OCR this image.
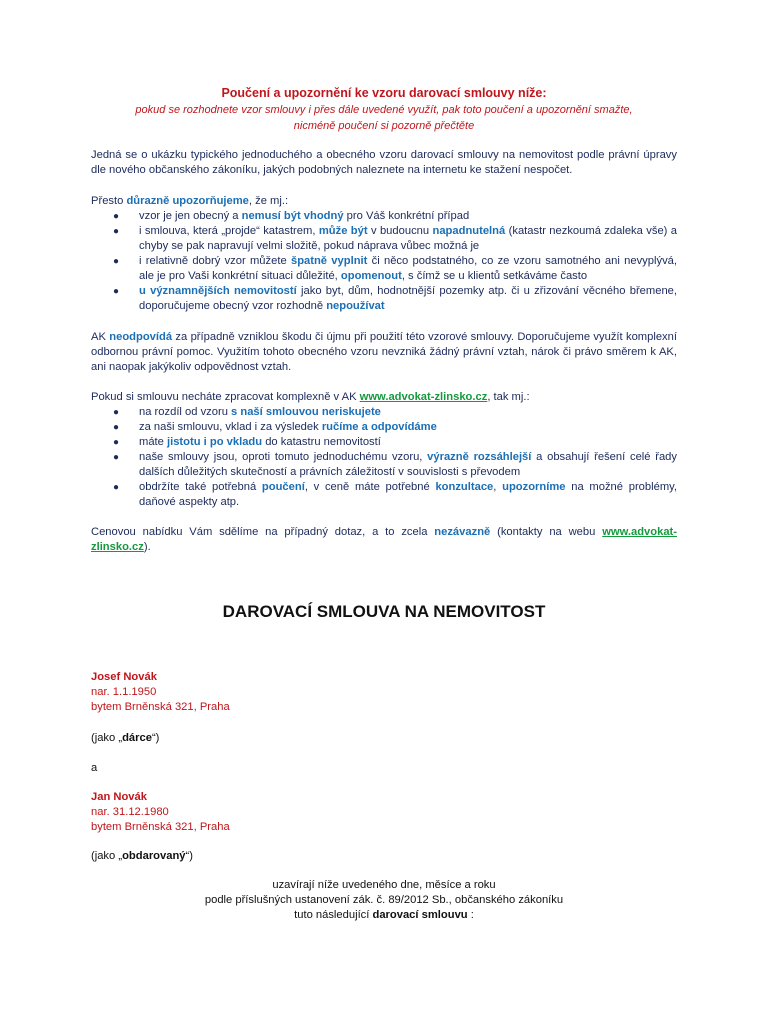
Poučení a upozornění ke vzoru darovací smlouvy níže:
pokud se rozhodnete vzor smlouvy i přes dále uvedené využít, pak toto poučení a upozornění smažte,
nicméně poučení si pozorně přečtěte
Jedná se o ukázku typického jednoduchého a obecného vzoru darovací smlouvy na nemovitost podle právní úpravy dle nového občanského zákoníku, jakých podobných naleznete na internetu ke stažení nespočet.
Přesto důrazně upozorňujeme, že mj.:
● vzor je jen obecný a nemusí být vhodný pro Váš konkrétní případ
● i smlouva, která „projde“ katastrem, může být v budoucnu napadnutelná (katastr nezkoumá zdaleka vše) a chyby se pak napravují velmi složitě, pokud náprava vůbec možná je
● i relativně dobrý vzor můžete špatně vyplnit či něco podstatného, co ze vzoru samotného ani nevyplývá, ale je pro Vaši konkrétní situaci důležité, opomenout, s čímž se u klientů setkáváme často
● u významnějších nemovitostí jako byt, dům, hodnotnější pozemky atp. či u zřizování věcného břemene, doporučujeme obecný vzor rozhodně nepoužívat
AK neodpovídá za případně vzniklou škodu či újmu při použití této vzorové smlouvy. Doporučujeme využít komplexní odbornou právní pomoc. Využitím tohoto obecného vzoru nevzniká žádný právní vztah, nárok či právo směrem k AK, ani naopak jakýkoliv odpovědnost vztah.
Pokud si smlouvu necháte zpracovat komplexně v AK www.advokat-zlinsko.cz, tak mj.:
● na rozdíl od vzoru s naší smlouvou neriskujete
● za naši smlouvu, vklad i za výsledek ručíme a odpovídáme
● máte jistotu i po vkladu do katastru nemovitostí
● naše smlouvy jsou, oproti tomuto jednoduchému vzoru, výrazně rozsáhlejší a obsahují řešení celé řady dalších důležitých skutečností a právních záležitostí v souvislosti s převodem
● obdržíte také potřebná poučení, v ceně máte potřebné konzultace, upozorníme na možné problémy, daňové aspekty atp.
Cenovou nabídku Vám sdělíme na případný dotaz, a to zcela nezávazně (kontakty na webu www.advokat-zlinsko.cz).
DAROVACÍ SMLOUVA NA NEMOVITOST
Josef Novák
nar. 1.1.1950
bytem Brněnská 321, Praha
(jako „dárce“)
a
Jan Novák
nar. 31.12.1980
bytem Brněnská 321, Praha
(jako „obdarovaný“)
uzavírají níže uvedeného dne, měsíce a roku
podle příslušných ustanovení zák. č. 89/2012 Sb., občanského zákoníku
tuto následující darovací smlouvu :
